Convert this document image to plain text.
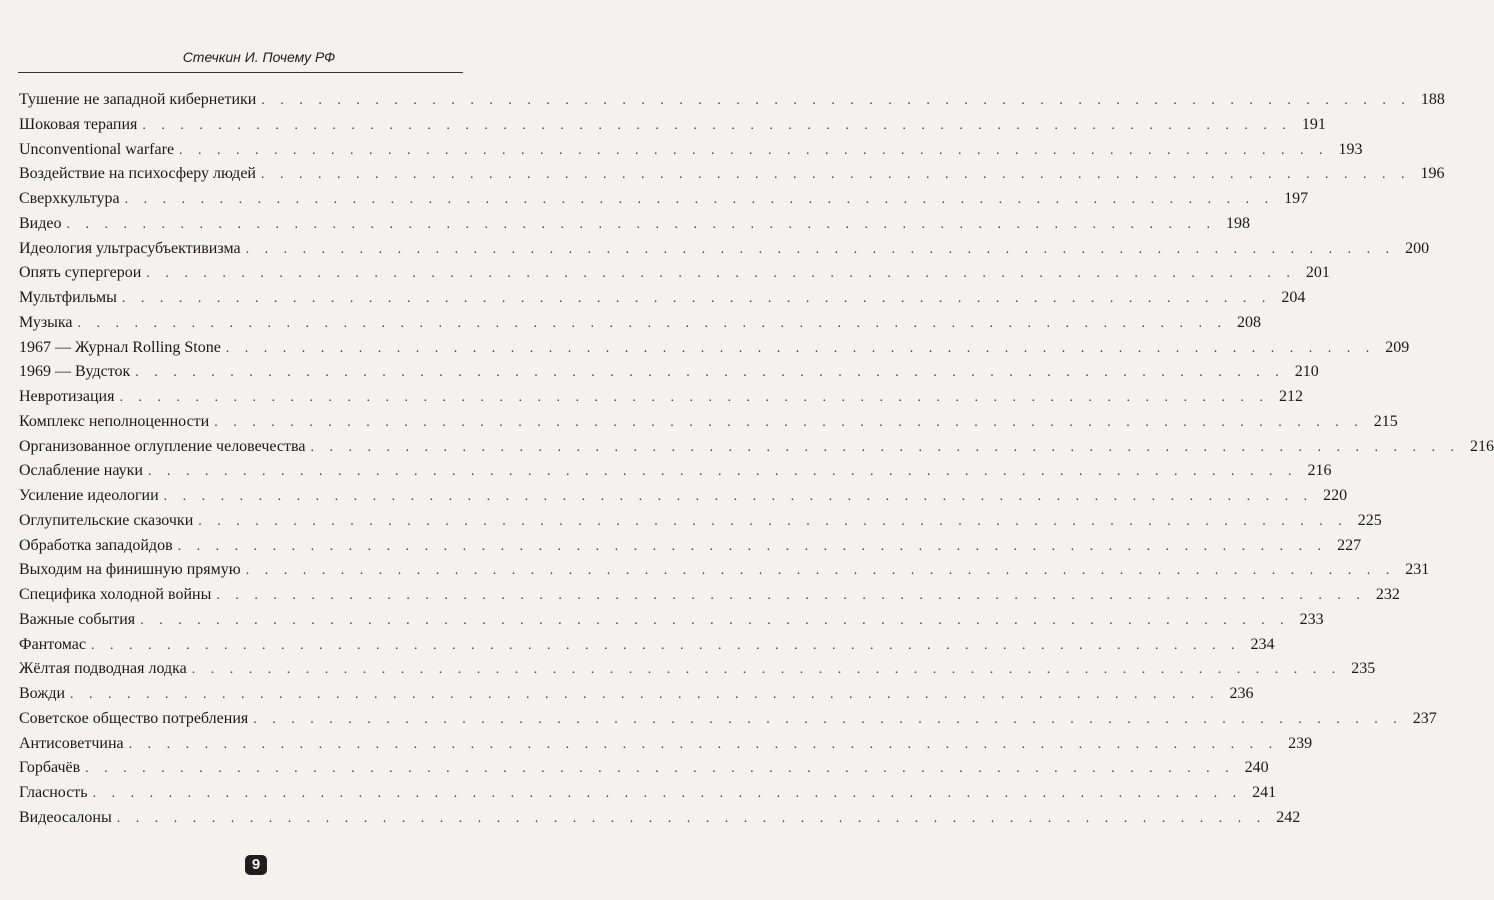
Стечкин И. Почему РФ
Тушение не западной кибернетики . . .	188
Шоковая терапия . . .	191
Unconventional warfare . . .	193
Воздействие на психосферу людей . . .	196
Сверхкультура . . .	197
Видео . . .	198
Идеология ультрасубъективизма . . .	200
Опять супергерои . . .	201
Мультфильмы . . .	204
Музыка . . .	208
1967 — Журнал Rolling Stone . . .	209
1969 — Вудсток . . .	210
Невротизация . . .	212
Комплекс неполноценности . . .	215
Организованное оглупление человечества . . .	216
Ослабление науки . . .	216
Усиление идеологии . . .	220
Оглупительские сказочки . . .	225
Обработка западойдов . . .	227
Выходим на финишную прямую . . .	231
Специфика холодной войны . . .	232
Важные события . . .	233
Фантомас . . .	234
Жёлтая подводная лодка . . .	235
Вожди . . .	236
Советское общество потребления . . .	237
Антисоветчина . . .	239
Горбачёв . . .	240
Гласность . . .	241
Видеосалоны . . .	242
9
